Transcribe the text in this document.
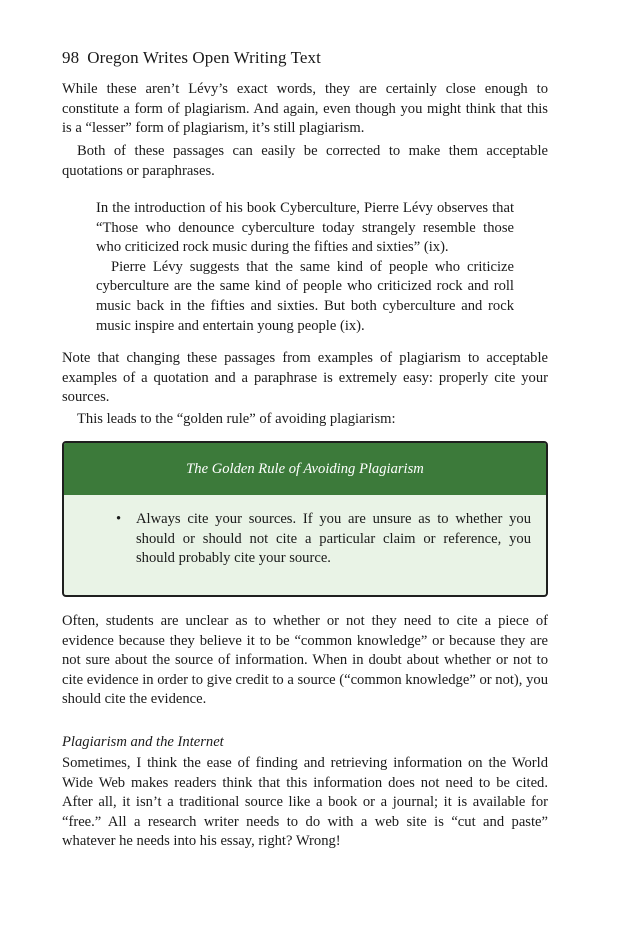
98 Oregon Writes Open Writing Text

While these aren’t Lévy’s exact words, they are certainly close enough to constitute a form of plagiarism. And again, even though you might think that this is a “lesser” form of plagiarism, it’s still plagiarism.

Both of these passages can easily be corrected to make them acceptable quotations or paraphrases.

In the introduction of his book Cyberculture, Pierre Lévy observes that “Those who denounce cyberculture today strangely resemble those who criticized rock music during the fifties and sixties” (ix).

Pierre Lévy suggests that the same kind of people who criticize cyberculture are the same kind of people who criticized rock and roll music back in the fifties and sixties. But both cyberculture and rock music inspire and entertain young people (ix).

Note that changing these passages from examples of plagiarism to acceptable examples of a quotation and a paraphrase is extremely easy: properly cite your sources.

This leads to the “golden rule” of avoiding plagiarism:

The Golden Rule of Avoiding Plagiarism
•	Always cite your sources. If you are unsure as to whether you should or should not cite a particular claim or reference, you should probably cite your source.

Often, students are unclear as to whether or not they need to cite a piece of evidence because they believe it to be “common knowledge” or because they are not sure about the source of information. When in doubt about whether or not to cite evidence in order to give credit to a source (“common knowledge” or not), you should cite the evidence.

Plagiarism and the Internet

Sometimes, I think the ease of finding and retrieving information on the World Wide Web makes readers think that this information does not need to be cited. After all, it isn’t a traditional source like a book or a journal; it is available for “free.” All a research writer needs to do with a web site is “cut and paste” whatever he needs into his essay, right? Wrong!
